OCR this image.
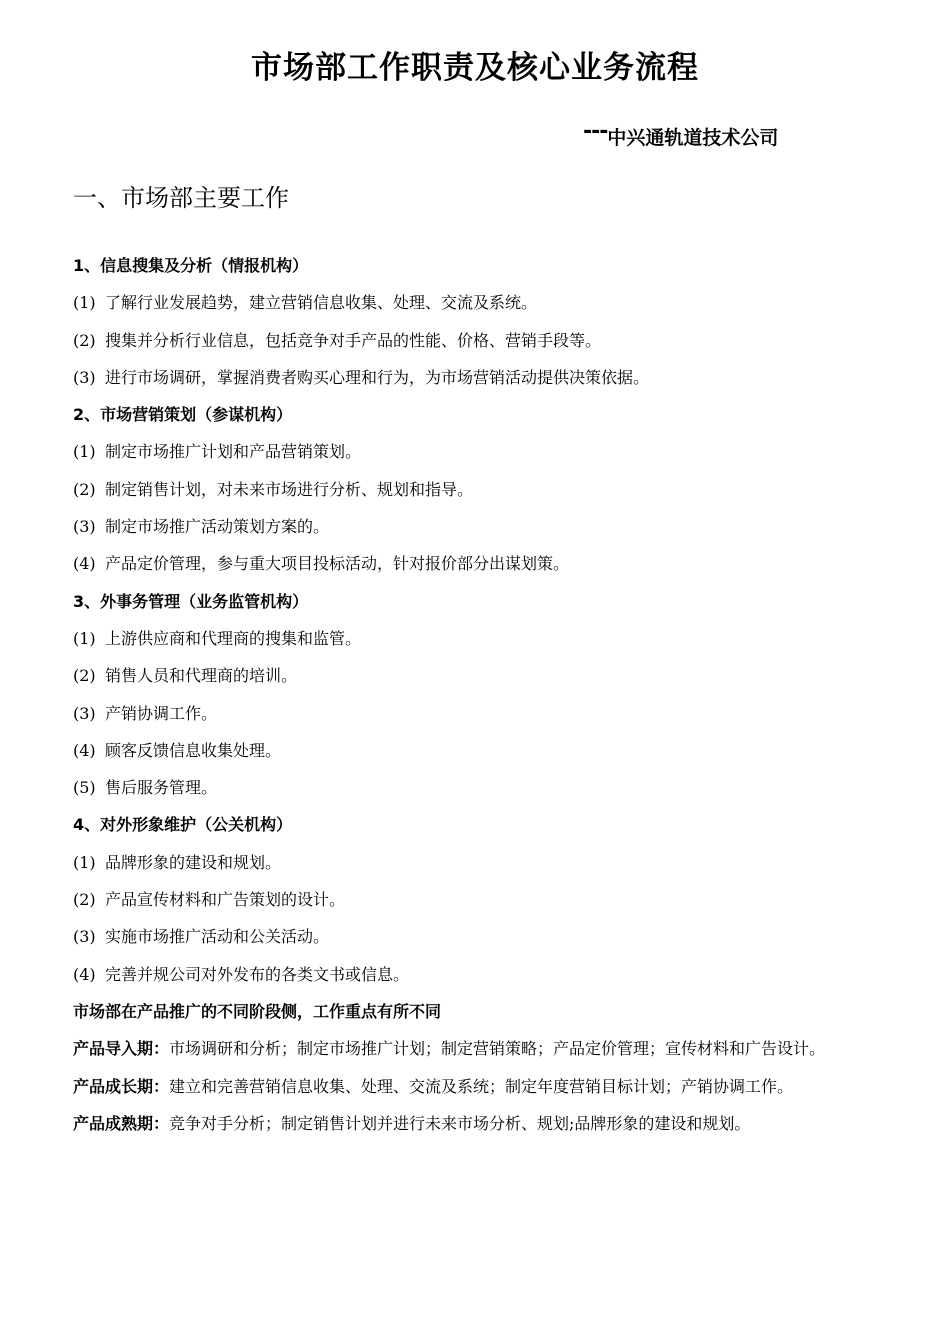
市场部工作职责及核心业务流程
---中兴通轨道技术公司
一、市场部主要工作

1、信息搜集及分析（情报机构）

(1) 了解行业发展趋势，建立营销信息收集、处理、交流及系统。

(2) 搜集并分析行业信息，包括竞争对手产品的性能、价格、营销手段等。

(3) 进行市场调研，掌握消费者购买心理和行为，为市场营销活动提供决策依据。

2、市场营销策划（参谋机构）

(1) 制定市场推广计划和产品营销策划。

(2) 制定销售计划，对未来市场进行分析、规划和指导。

(3) 制定市场推广活动策划方案的。

(4) 产品定价管理，参与重大项目投标活动，针对报价部分出谋划策。

3、外事务管理（业务监管机构）

(1) 上游供应商和代理商的搜集和监管。

(2) 销售人员和代理商的培训。

(3) 产销协调工作。

(4) 顾客反馈信息收集处理。

(5) 售后服务管理。

4、对外形象维护（公关机构）

(1) 品牌形象的建设和规划。

(2) 产品宣传材料和广告策划的设计。

(3) 实施市场推广活动和公关活动。

(4) 完善并规公司对外发布的各类文书或信息。

市场部在产品推广的不同阶段侧，工作重点有所不同

产品导入期：市场调研和分析；制定市场推广计划；制定营销策略；产品定价管理；宣传材料和广告设计。

产品成长期：建立和完善营销信息收集、处理、交流及系统；制定年度营销目标计划；产销协调工作。

产品成熟期：竞争对手分析；制定销售计划并进行未来市场分析、规划;品牌形象的建设和规划。
